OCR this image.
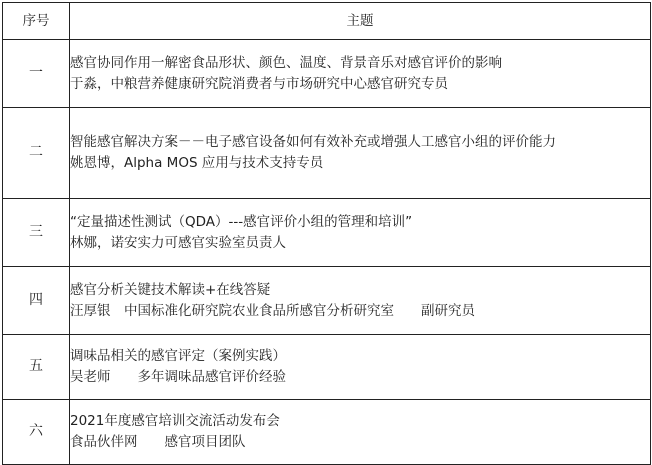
序号	主题
一	感官协同作用一解密食品形状、颜色、温度、背景音乐对感官评价的影响
于淼，中粮营养健康研究院消费者与市场研究中心感官研究专员

二	智能感官解决方案－－电子感官设备如何有效补充或增强人工感官小组的评价能力
姚恩博，Alpha MOS 应用与技术支持专员

三	“定量描述性测试（QDA）---感官评价小组的管理和培训”
林娜，诺安实力可感官实验室员责人

四	感官分析关键技术解读+在线答疑
汪厚银　中国标准化研究院农业食品所感官分析研究室　　副研究员

五	调味品相关的感官评定（案例实践）
吴老师　　多年调味品感官评价经验

六	2021年度感官培训交流活动发布会
食品伙伴网　　感官项目团队
